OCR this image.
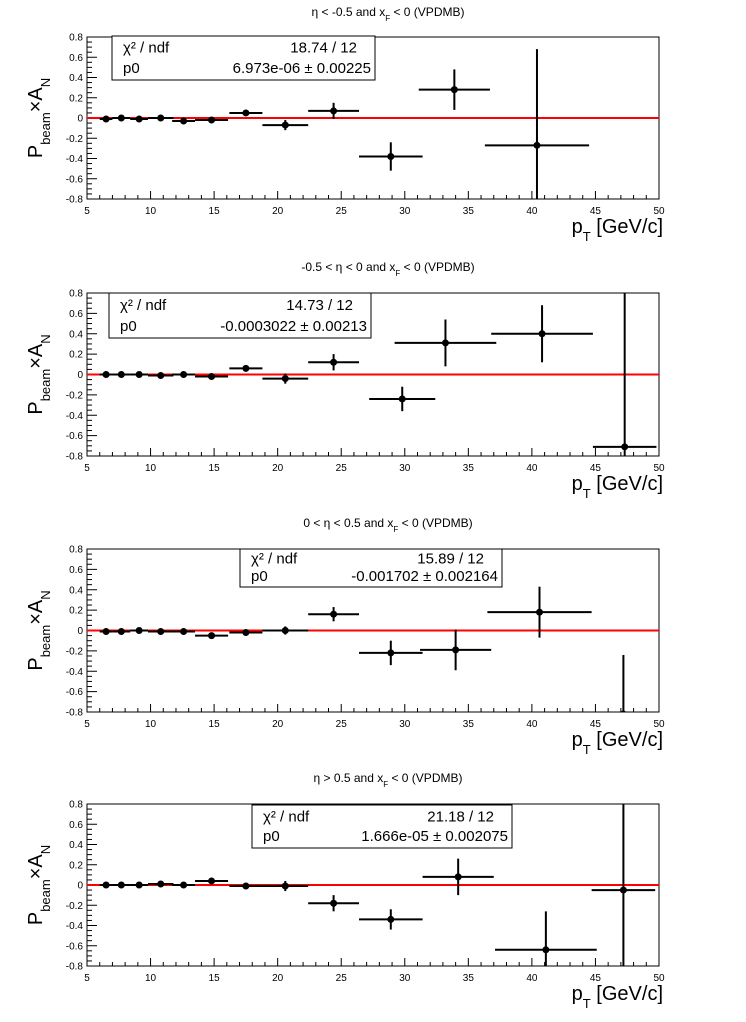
η < -0.5 and $x_F < 0$ (VPDMB)
-0.8
-0.6
-0.4
-0.2
0
0.2
0.4
0.6
0.8
5	10	15	20	25	30	35	40	45	50
$P_{beam}\times A_N$
$p_T$ [GeV/c]
χ² / ndf	18.74 / 12
p0	6.973e-06 ± 0.00225
-0.5 < η < 0 and $x_F < 0$ (VPDMB)
-0.8
-0.6
-0.4
-0.2
0
0.2
0.4
0.6
0.8
5	10	15	20	25	30	35	40	45	50
$P_{beam}\times A_N$
$p_T$ [GeV/c]
χ² / ndf	14.73 / 12
p0	-0.0003022 ± 0.00213
0 < η < 0.5 and $x_F < 0$ (VPDMB)
-0.8
-0.6
-0.4
-0.2
0
0.2
0.4
0.6
0.8
5	10	15	20	25	30	35	40	45	50
$P_{beam}\times A_N$
$p_T$ [GeV/c]
χ² / ndf	15.89 / 12
p0	-0.001702 ± 0.002164
η > 0.5 and $x_F < 0$ (VPDMB)
-0.8
-0.6
-0.4
-0.2
0
0.2
0.4
0.6
0.8
5	10	15	20	25	30	35	40	45	50
$P_{beam}\times A_N$
$p_T$ [GeV/c]
χ² / ndf	21.18 / 12
p0	1.666e-05 ± 0.002075
